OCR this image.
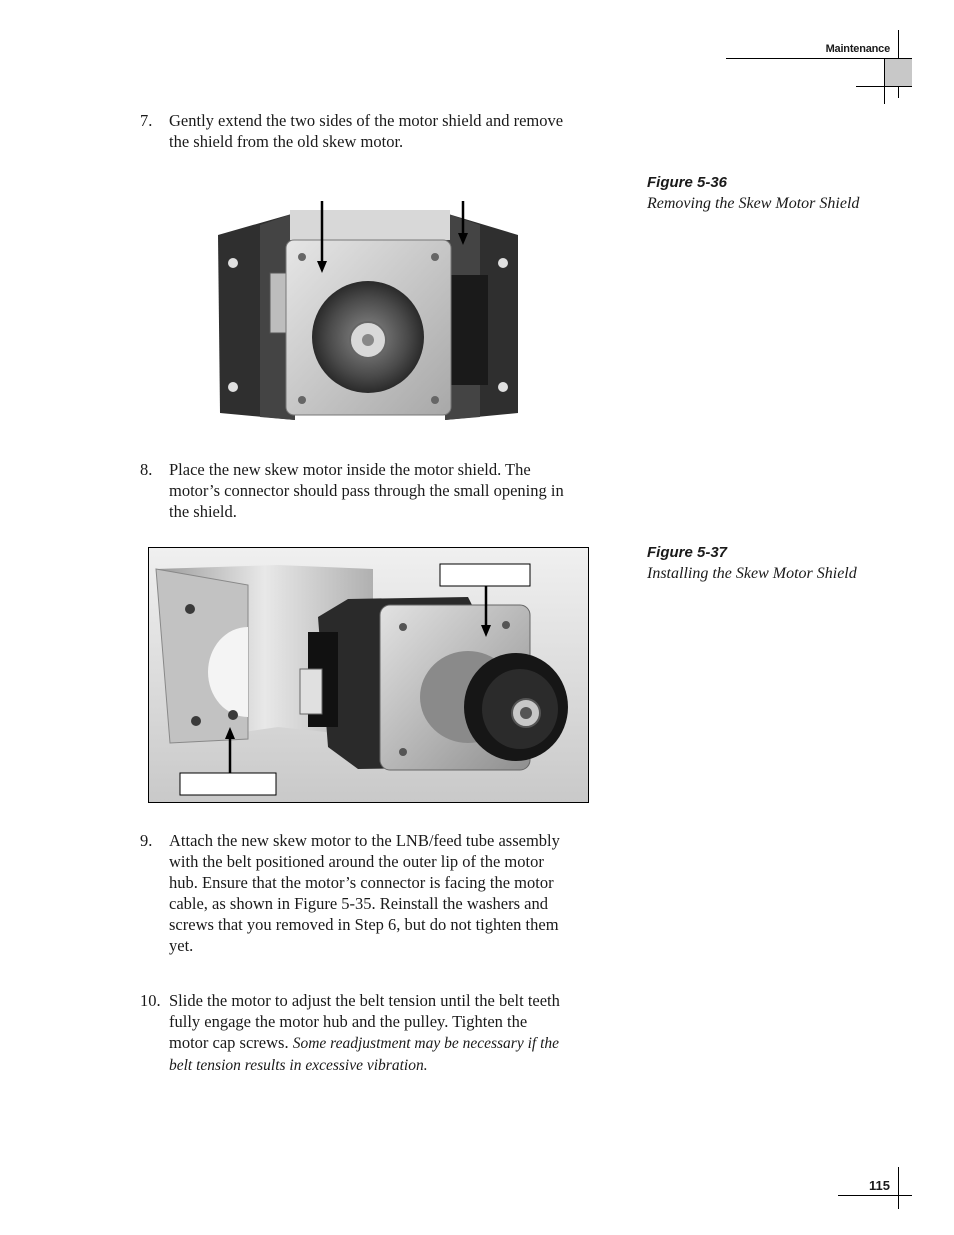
Maintenance
7.	Gently extend the two sides of the motor shield and remove the shield from the old skew motor.
Figure 5-36
Removing the Skew Motor Shield
8.	Place the new skew motor inside the motor shield. The motor’s connector should pass through the small opening in the shield.
Figure 5-37
Installing the Skew Motor Shield
9.	Attach the new skew motor to the LNB/feed tube assembly with the belt positioned around the outer lip of the motor hub. Ensure that the motor’s connector is facing the motor cable, as shown in Figure 5-35. Reinstall the washers and screws that you removed in Step 6, but do not tighten them yet.
10. Slide the motor to adjust the belt tension until the belt teeth fully engage the motor hub and the pulley. Tighten the motor cap screws. Some readjustment may be necessary if the belt tension results in excessive vibration.
115
